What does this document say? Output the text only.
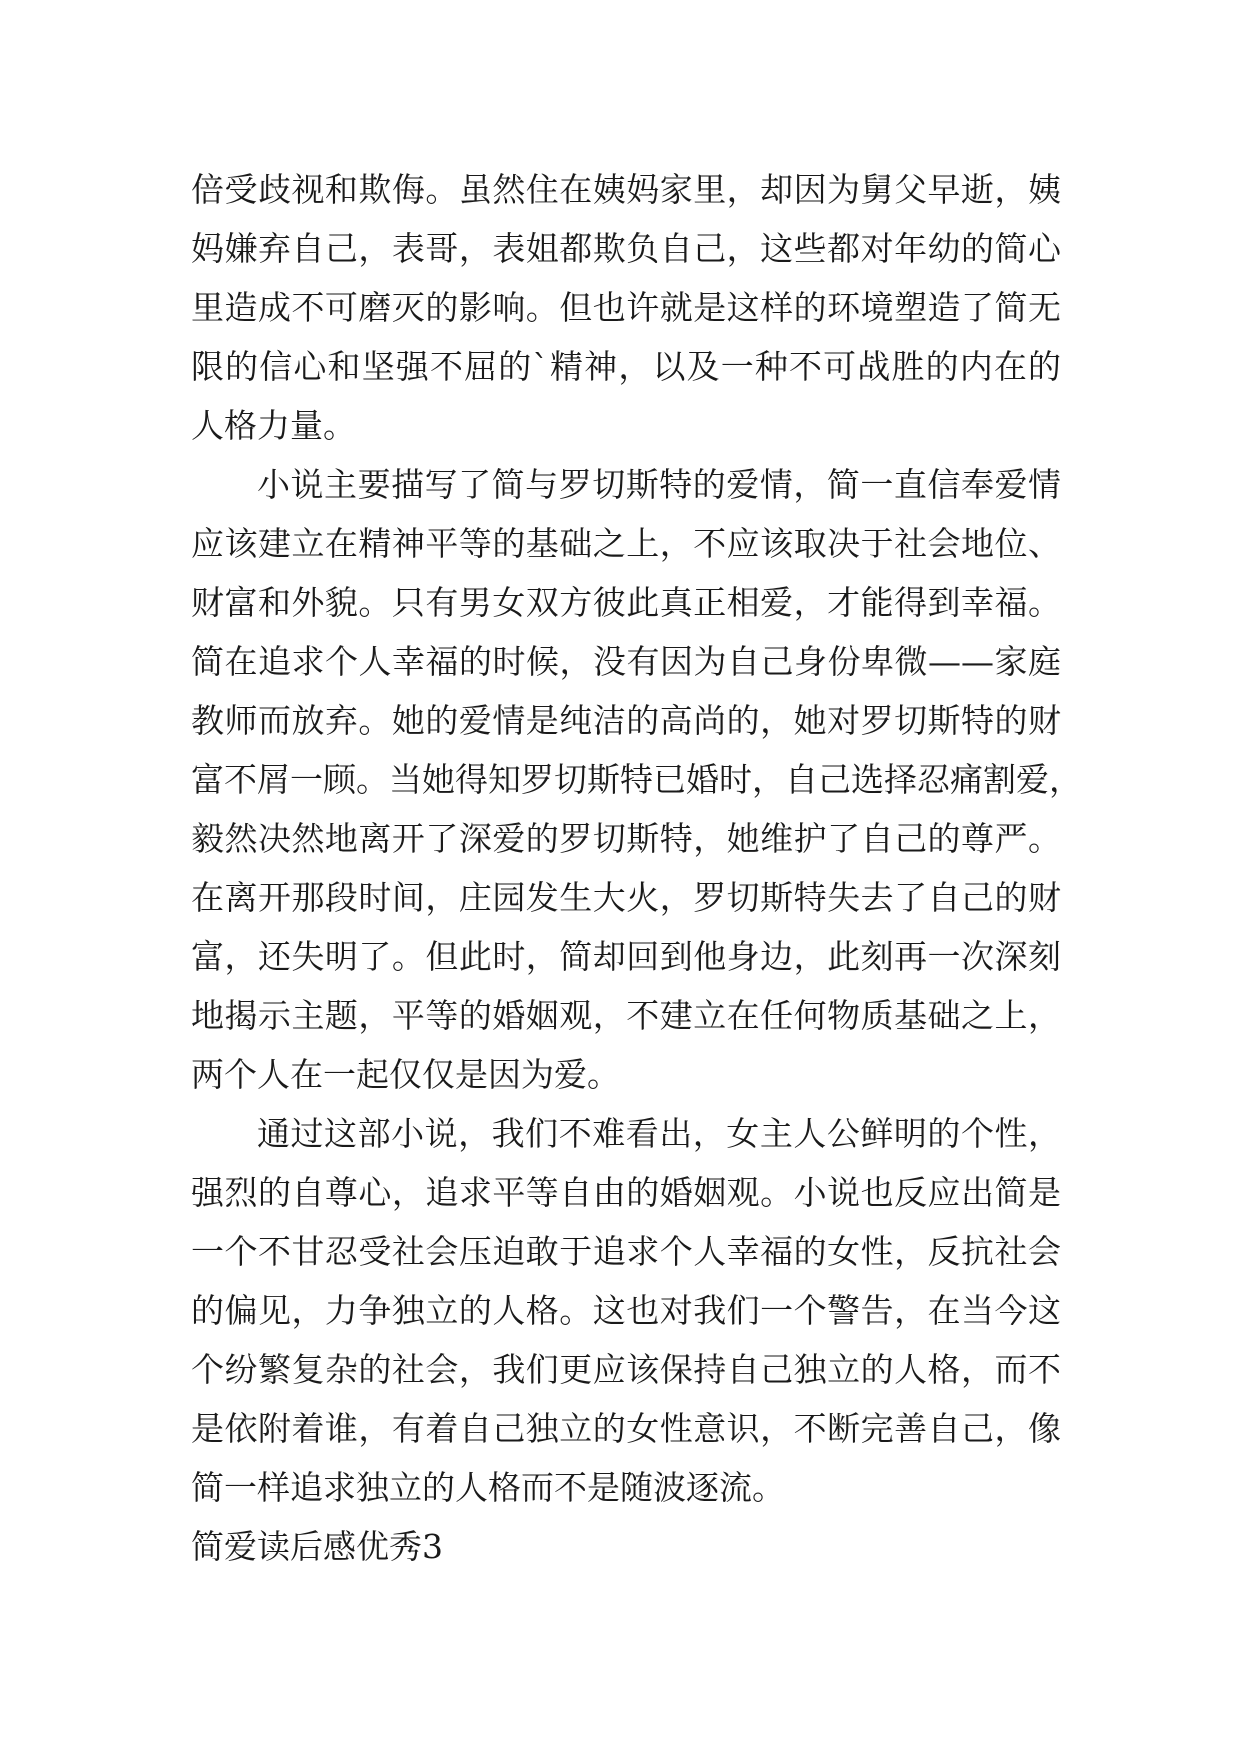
倍受歧视和欺侮。虽然住在姨妈家里，却因为舅父早逝，姨
妈嫌弃自己，表哥，表姐都欺负自己，这些都对年幼的简心
里造成不可磨灭的影响。但也许就是这样的环境塑造了简无
限的信心和坚强不屈的`精神，以及一种不可战胜的内在的
人格力量。
小说主要描写了简与罗切斯特的爱情，简一直信奉爱情
应该建立在精神平等的基础之上，不应该取决于社会地位、
财富和外貌。只有男女双方彼此真正相爱，才能得到幸福。
简在追求个人幸福的时候，没有因为自己身份卑微——家庭
教师而放弃。她的爱情是纯洁的高尚的，她对罗切斯特的财
富不屑一顾。当她得知罗切斯特已婚时，自己选择忍痛割爱，
毅然决然地离开了深爱的罗切斯特，她维护了自己的尊严。
在离开那段时间，庄园发生大火，罗切斯特失去了自己的财
富，还失明了。但此时，简却回到他身边，此刻再一次深刻
地揭示主题，平等的婚姻观，不建立在任何物质基础之上，
两个人在一起仅仅是因为爱。
通过这部小说，我们不难看出，女主人公鲜明的个性，
强烈的自尊心，追求平等自由的婚姻观。小说也反应出简是
一个不甘忍受社会压迫敢于追求个人幸福的女性，反抗社会
的偏见，力争独立的人格。这也对我们一个警告，在当今这
个纷繁复杂的社会，我们更应该保持自己独立的人格，而不
是依附着谁，有着自己独立的女性意识，不断完善自己，像
简一样追求独立的人格而不是随波逐流。
简爱读后感优秀3
